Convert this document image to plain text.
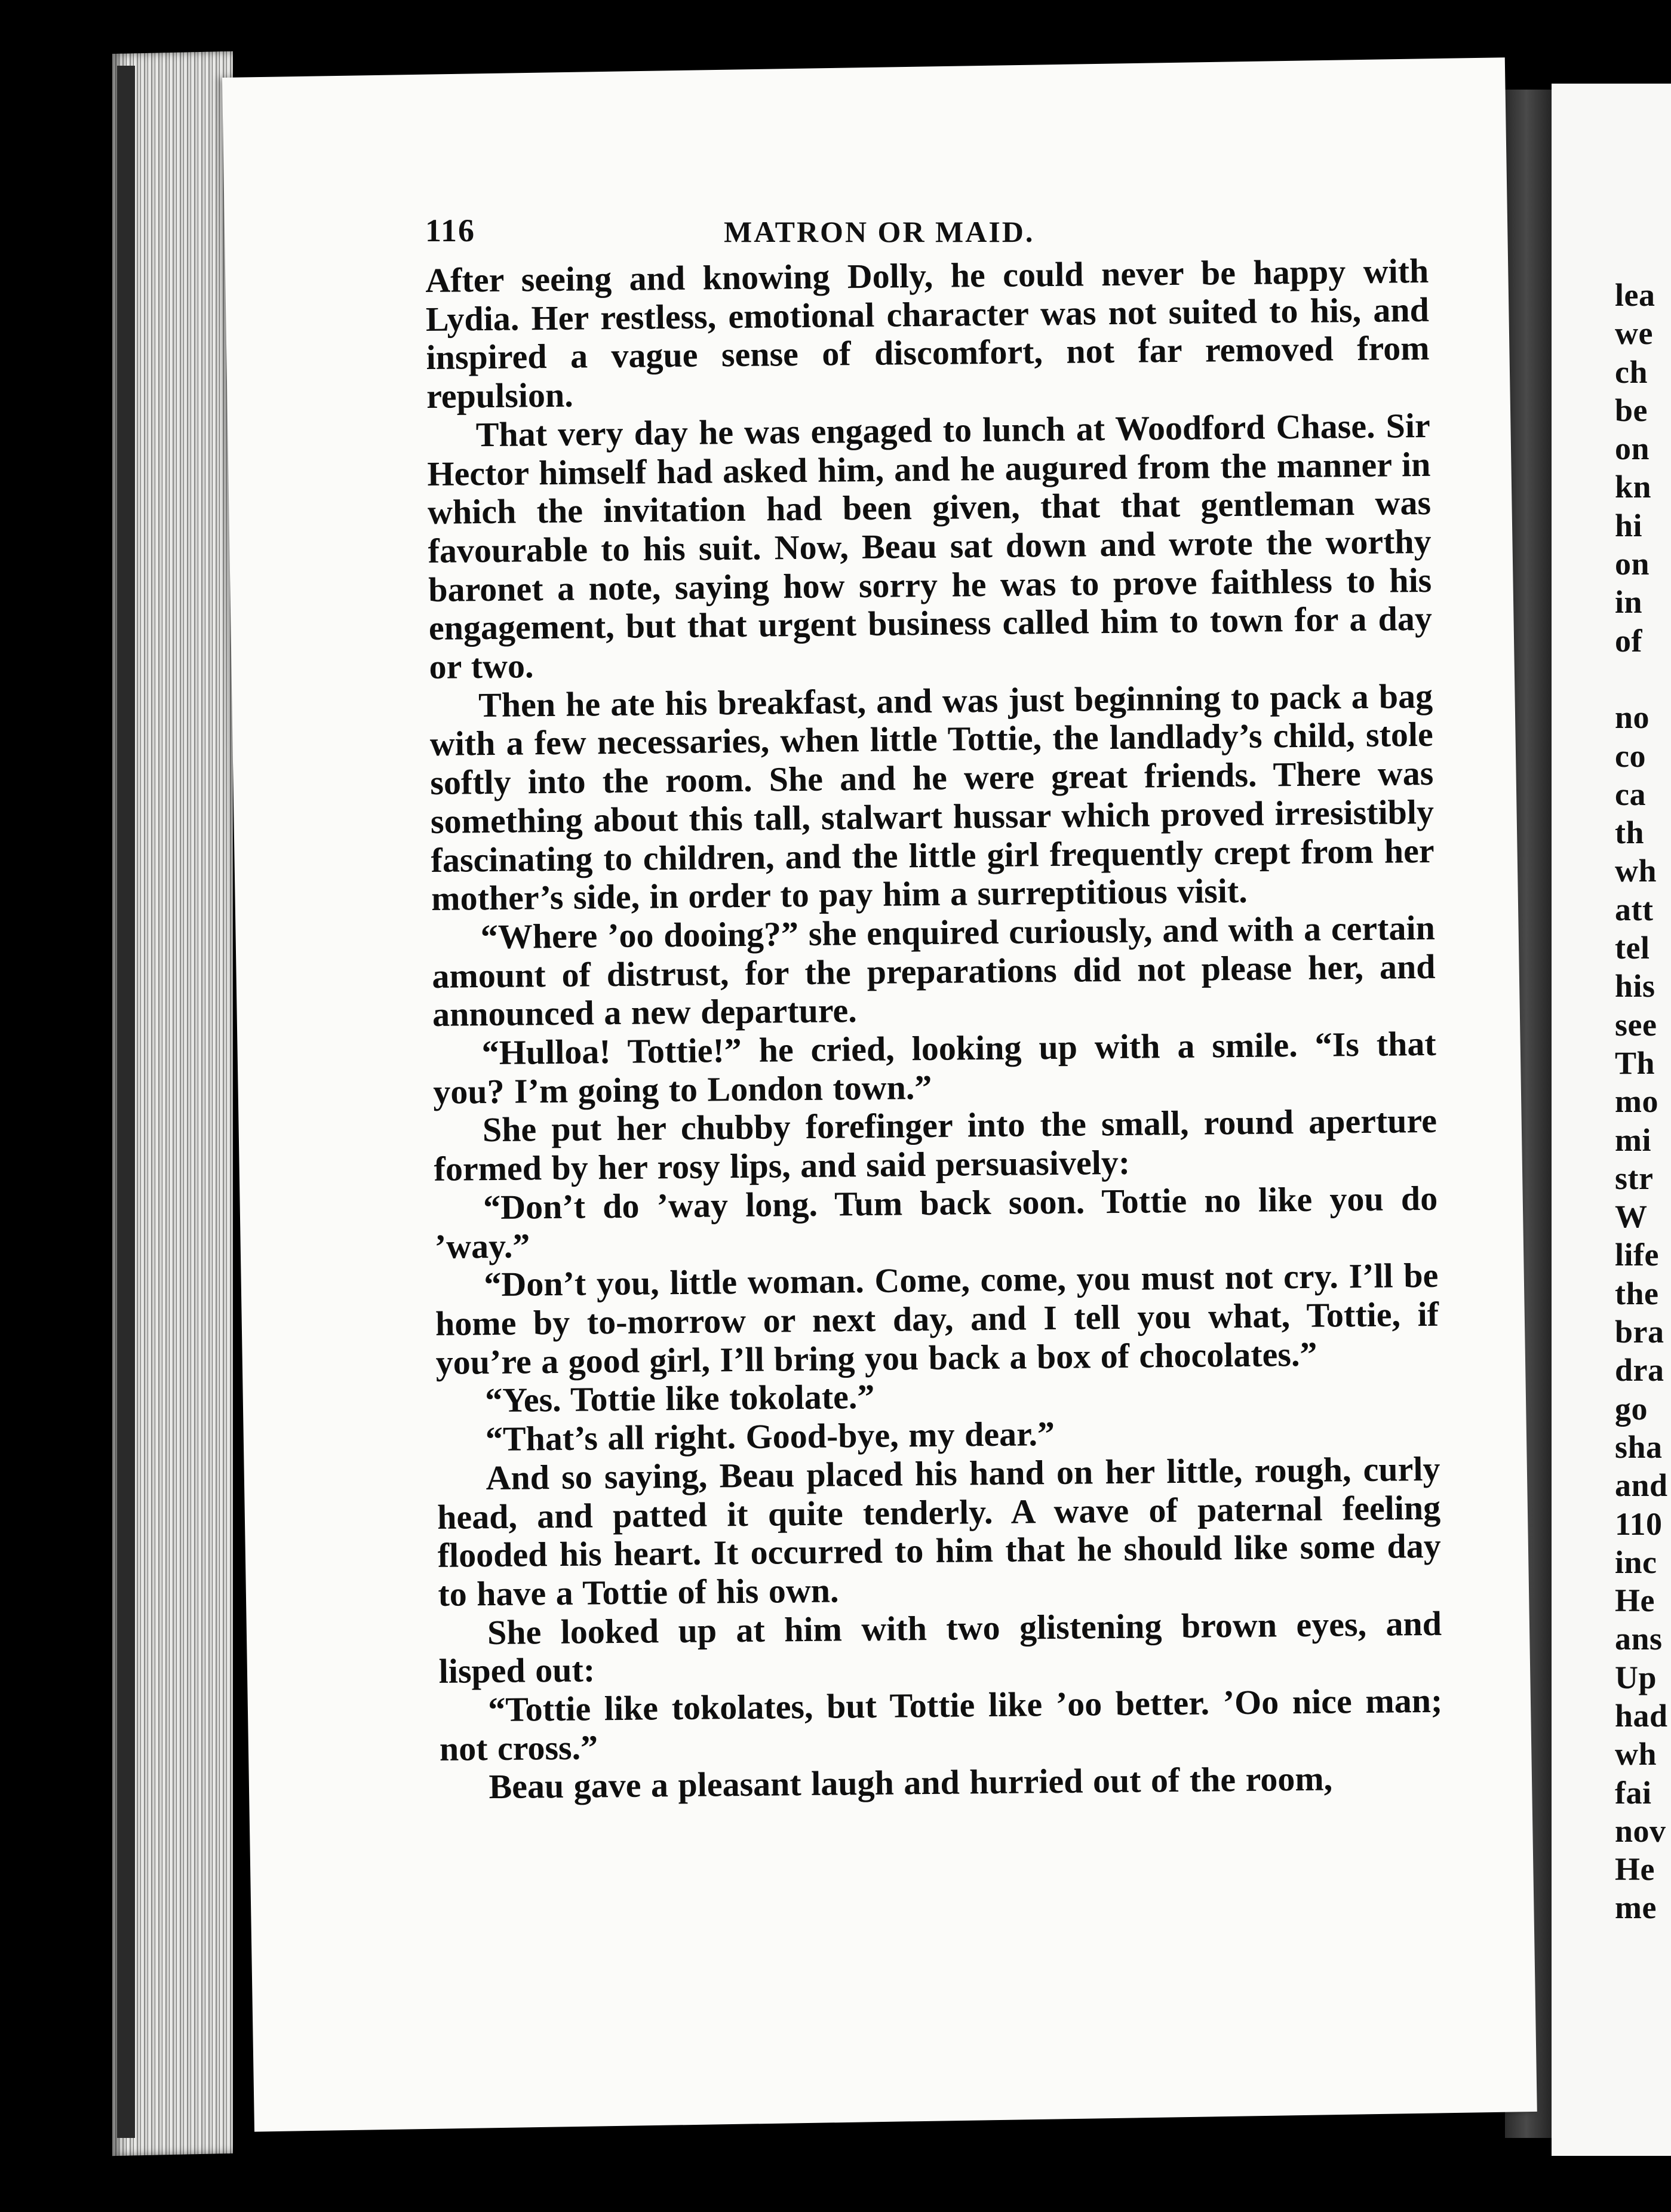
lea
we
ch
be
on
kn
hi
on
in
of

no
co
ca
th
wh
att
tel
his
see
Th
mo
mi
str
W
life
the
bra
dra
go
sha
and
110
inc
He
ans
Up
had
wh
fai
nov
He
me
116	MATRON OR MAID.

After seeing and knowing Dolly, he could never be happy with Lydia. Her restless, emotional character was not suited to his, and inspired a vague sense of discomfort, not far removed from repulsion.

That very day he was engaged to lunch at Woodford Chase. Sir Hector himself had asked him, and he augured from the manner in which the invitation had been given, that that gentleman was favourable to his suit. Now, Beau sat down and wrote the worthy baronet a note, saying how sorry he was to prove faithless to his engagement, but that urgent business called him to town for a day or two.

Then he ate his breakfast, and was just beginning to pack a bag with a few necessaries, when little Tottie, the landlady’s child, stole softly into the room. She and he were great friends. There was something about this tall, stalwart hussar which proved irresistibly fascinating to children, and the little girl frequently crept from her mother’s side, in order to pay him a surreptitious visit.

“Where ’oo dooing?” she enquired curiously, and with a certain amount of distrust, for the preparations did not please her, and announced a new departure.

“Hulloa! Tottie!” he cried, looking up with a smile. “Is that you? I’m going to London town.”

She put her chubby forefinger into the small, round aperture formed by her rosy lips, and said persuasively:

“Don’t do ’way long. Tum back soon. Tottie no like you do ’way.”

“Don’t you, little woman. Come, come, you must not cry. I’ll be home by to-morrow or next day, and I tell you what, Tottie, if you’re a good girl, I’ll bring you back a box of chocolates.”

“Yes. Tottie like tokolate.”

“That’s all right. Good-bye, my dear.”

And so saying, Beau placed his hand on her little, rough, curly head, and patted it quite tenderly. A wave of paternal feeling flooded his heart. It occurred to him that he should like some day to have a Tottie of his own.

She looked up at him with two glistening brown eyes, and lisped out:

“Tottie like tokolates, but Tottie like ’oo better. ’Oo nice man; not cross.”

Beau gave a pleasant laugh and hurried out of the room,
